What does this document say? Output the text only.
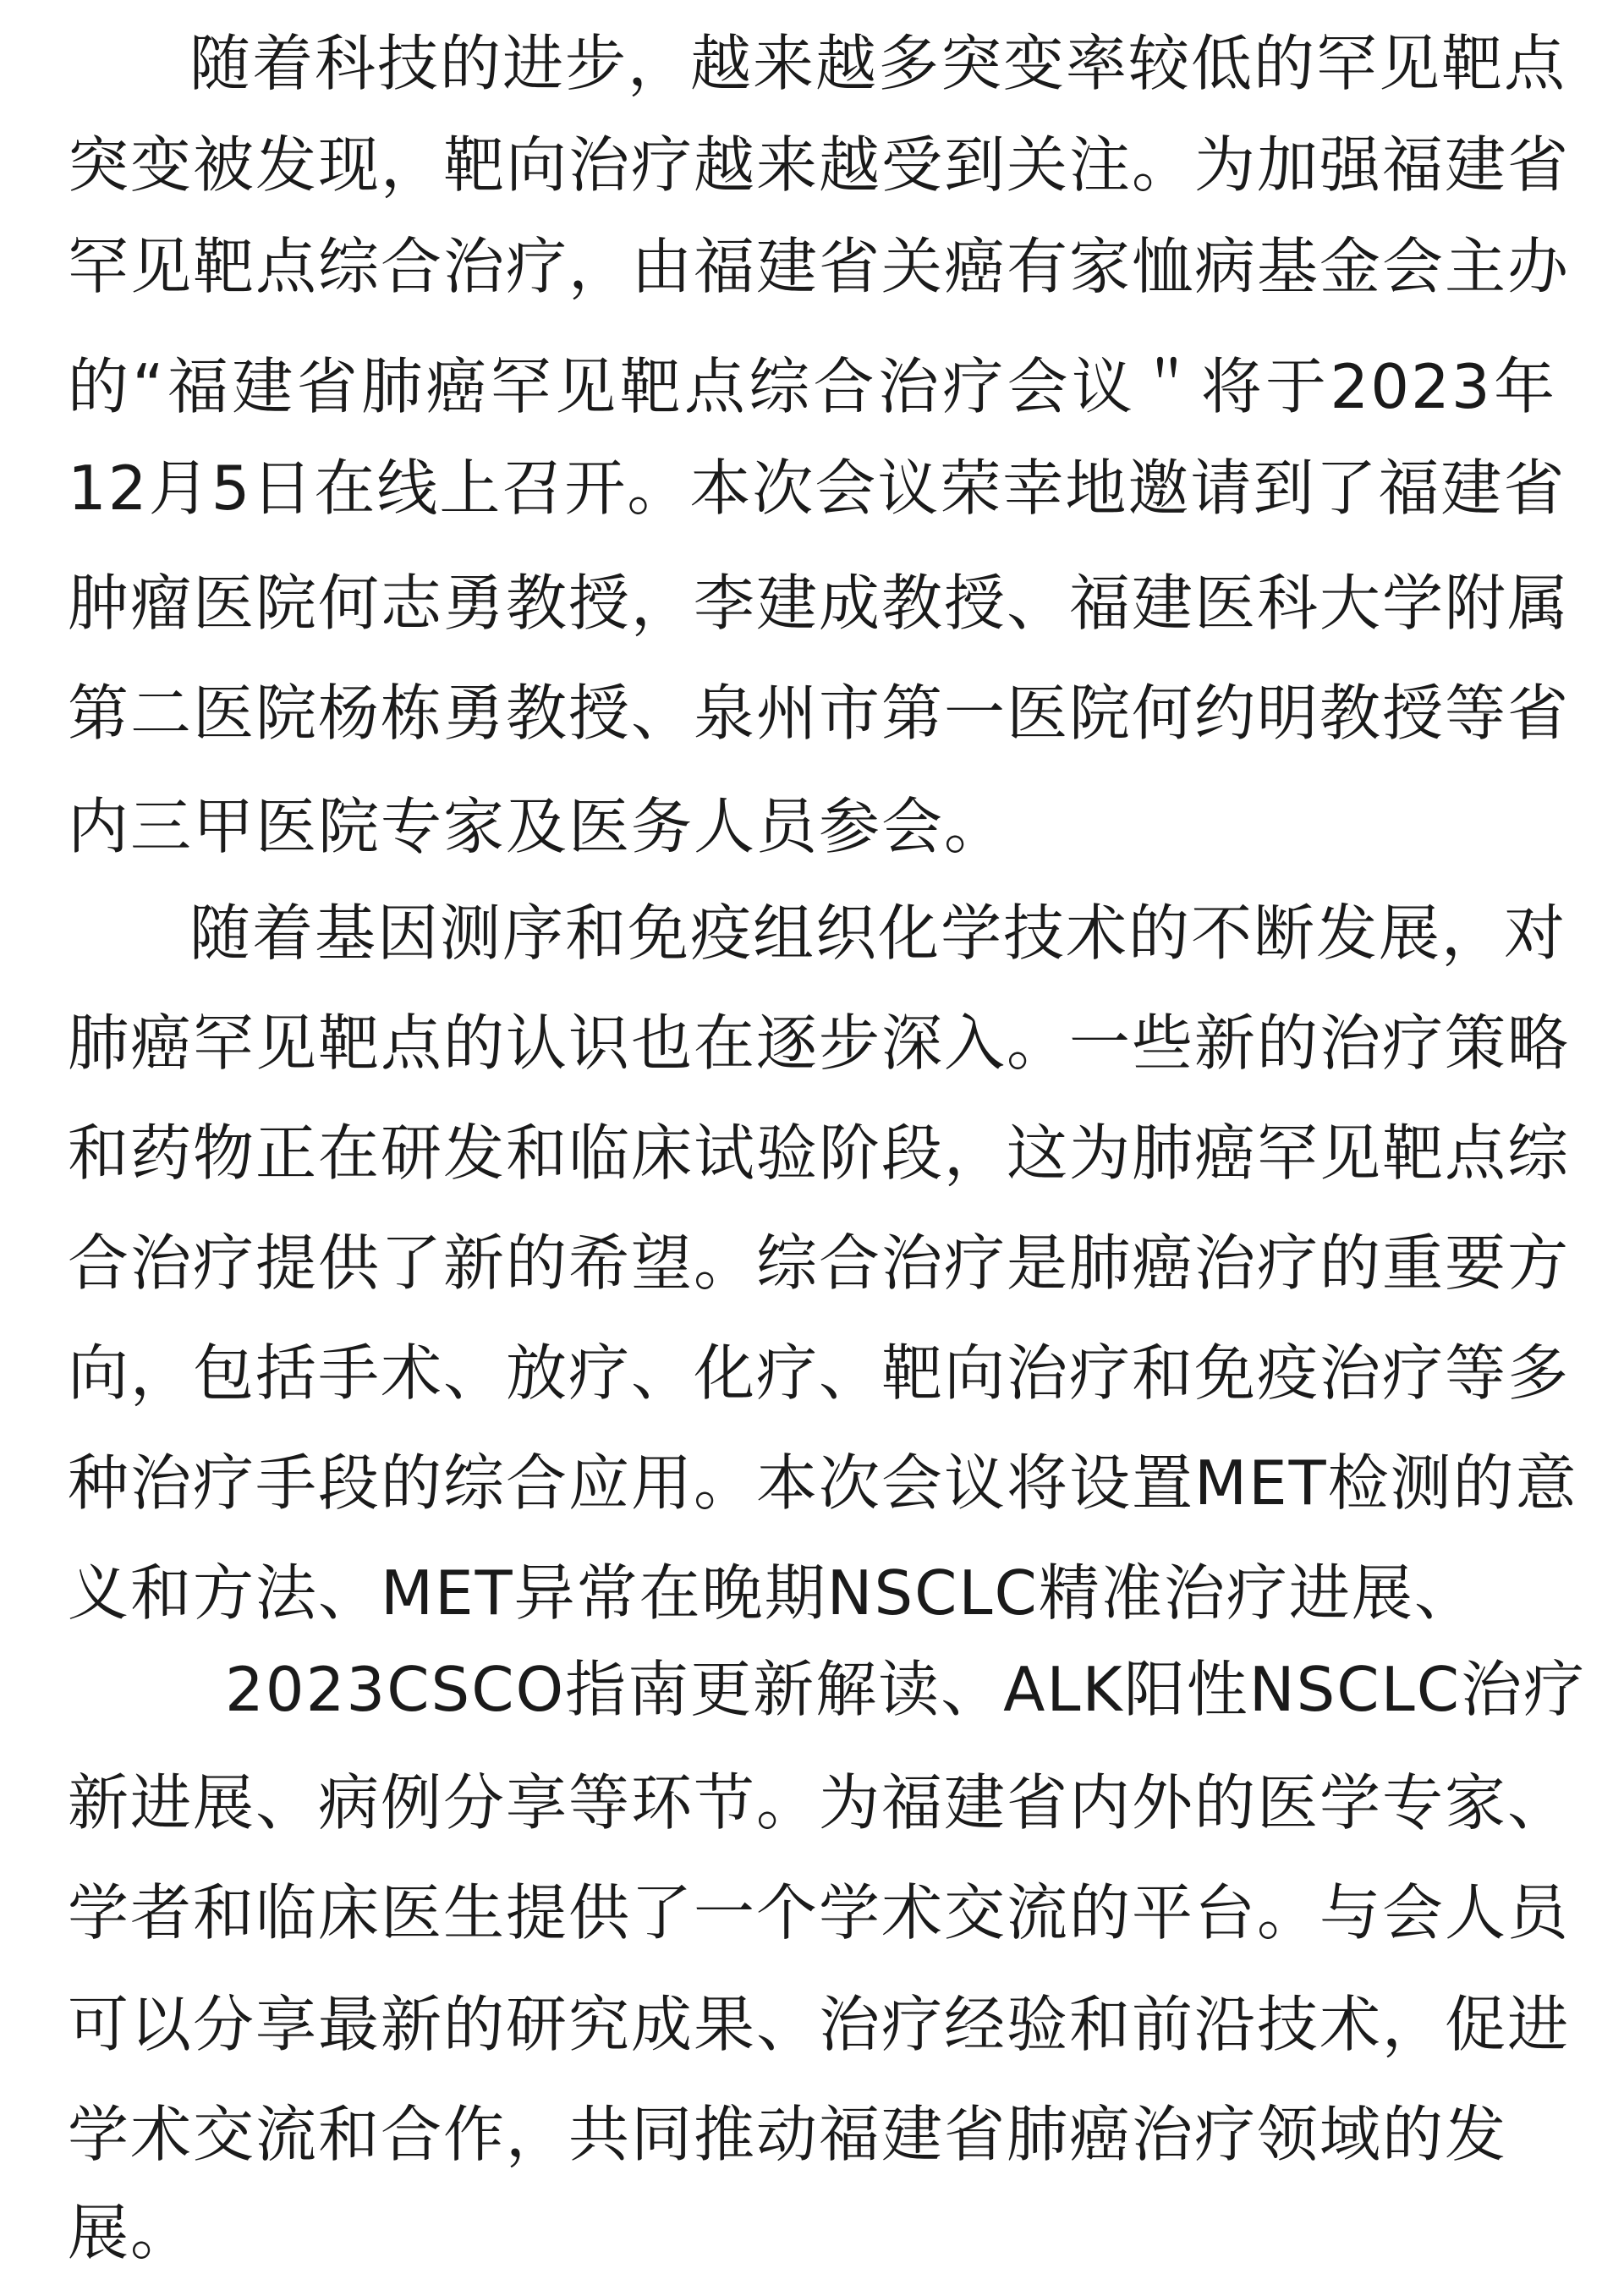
随着科技的进步，越来越多突变率较低的罕见靶点
突变被发现，靶向治疗越来越受到关注。为加强福建省
罕见靶点综合治疗，由福建省关癌有家恤病基金会主办
的“福建省肺癌罕见靶点综合治疗会议＂将于2023年
12月5日在线上召开。本次会议荣幸地邀请到了福建省
肿瘤医院何志勇教授，李建成教授、福建医科大学附属
第二医院杨栋勇教授、泉州市第一医院何约明教授等省
内三甲医院专家及医务人员参会。
随着基因测序和免疫组织化学技术的不断发展，对
肺癌罕见靶点的认识也在逐步深入。一些新的治疗策略
和药物正在研发和临床试验阶段，这为肺癌罕见靶点综
合治疗提供了新的希望。综合治疗是肺癌治疗的重要方
向，包括手术、放疗、化疗、靶向治疗和免疫治疗等多
种治疗手段的综合应用。本次会议将设置MET检测的意
义和方法、MET异常在晚期NSCLC精准治疗进展、
2023CSCO指南更新解读、ALK阳性NSCLC治疗
新进展、病例分享等环节。为福建省内外的医学专家、
学者和临床医生提供了一个学术交流的平台。与会人员
可以分享最新的研究成果、治疗经验和前沿技术，促进
学术交流和合作，共同推动福建省肺癌治疗领域的发
展。
